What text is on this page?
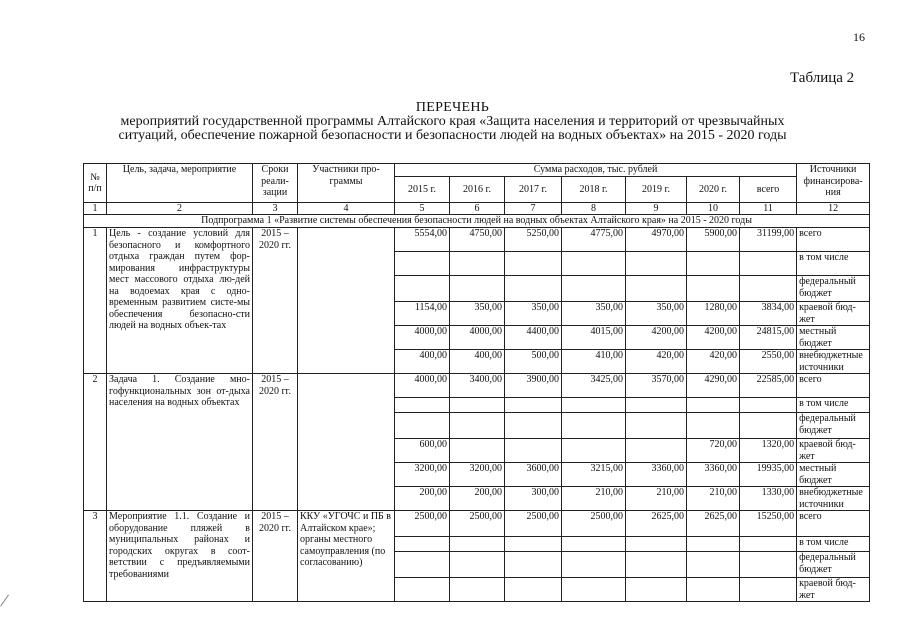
16
Таблица 2
ПЕРЕЧЕНЬ
мероприятий государственной программы Алтайского края «Защита населения и территорий от чрезвычайных
ситуаций, обеспечение пожарной безопасности и безопасности людей на водных объектах» на 2015 - 2020 годы
№ п/п	Цель, задача, мероприятие	Сроки реали-зации	Участники про-граммы	Сумма расходов, тыс. рублей							Источники финансирова-ния
				2015 г.	2016 г.	2017 г.	2018 г.	2019 г.	2020 г.	всего	
1	2	3	4	5	6	7	8	9	10	11	12
Подпрограмма 1 «Развитие системы обеспечения безопасности людей на водных объектах Алтайского края» на 2015 - 2020 годы											
1	Цель - создание условий для безопасного и комфортного отдыха граждан путем фор-мирования инфраструктуры мест массового отдыха лю-дей на водоемах края с одно-временным развитием систе-мы обеспечения безопасно-сти людей на водных объек-тах	2015 – 2020 гг.		5554,00	4750,00	5250,00	4775,00	4970,00	5900,00	31199,00	всего
											в том числе
											федеральный бюджет
				1154,00	350,00	350,00	350,00	350,00	1280,00	3834,00	краевой бюд-жет
				4000,00	4000,00	4400,00	4015,00	4200,00	4200,00	24815,00	местный бюджет
				400,00	400,00	500,00	410,00	420,00	420,00	2550,00	внебюджетные источники
2	Задача 1. Создание мно-гофункциональных зон от-дыха населения на водных объектах	2015 – 2020 гг.		4000,00	3400,00	3900,00	3425,00	3570,00	4290,00	22585,00	всего
											в том числе
											федеральный бюджет
				600,00					720,00	1320,00	краевой бюд-жет
				3200,00	3200,00	3600,00	3215,00	3360,00	3360,00	19935,00	местный бюджет
				200,00	200,00	300,00	210,00	210,00	210,00	1330,00	внебюджетные источники
3	Мероприятие 1.1. Создание и оборудование пляжей в муниципальных районах и городских округах в соот-ветствии с предъявляемыми требованиями	2015 – 2020 гг.	ККУ «УГОЧС и ПБ в Алтайском крае»; органы местного самоуправления (по согласованию)	2500,00	2500,00	2500,00	2500,00	2625,00	2625,00	15250,00	всего
											в том числе
											федеральный бюджет
											краевой бюд-жет
